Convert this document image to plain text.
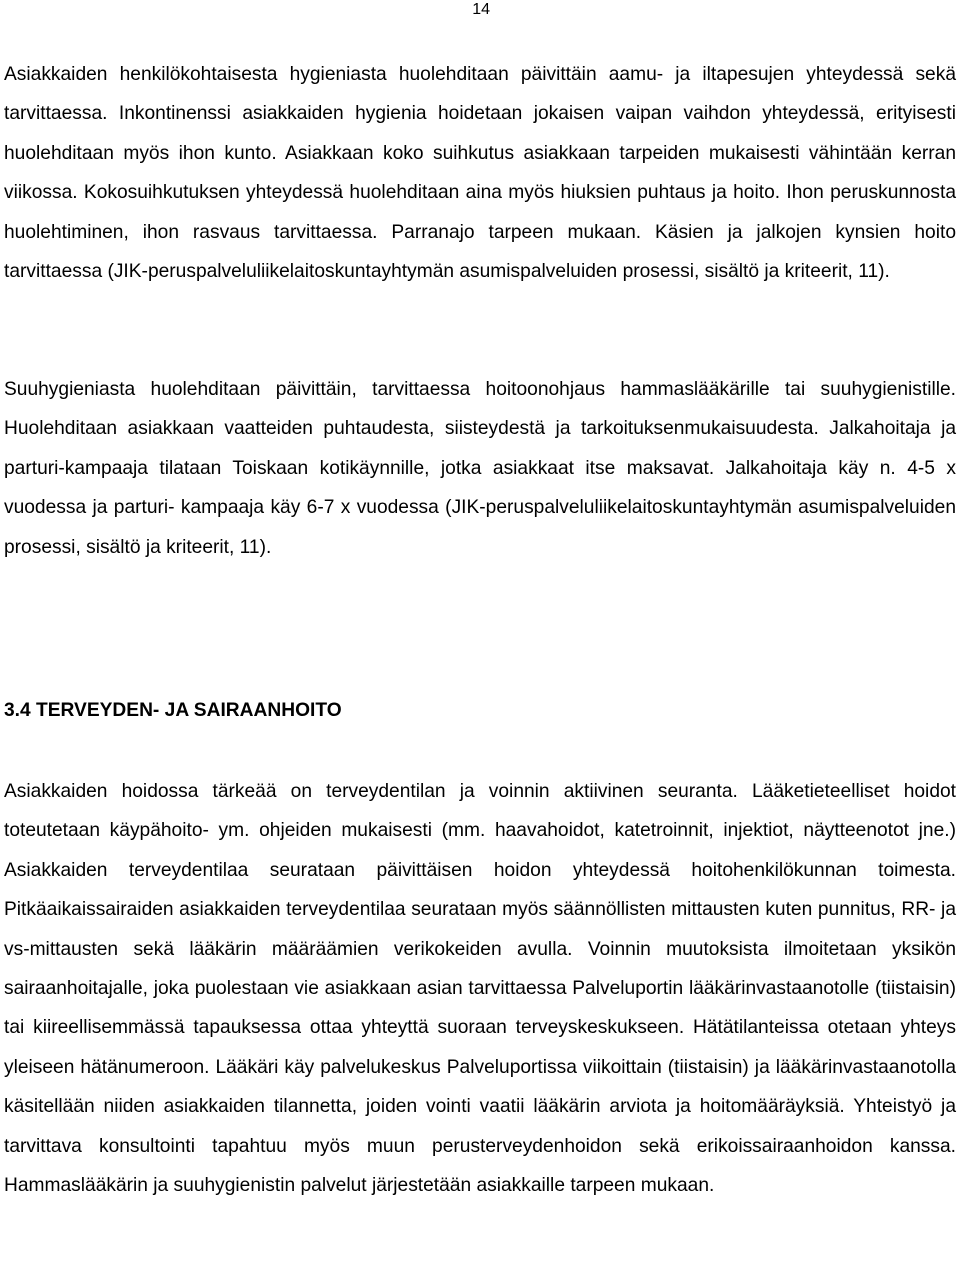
14

Asiakkaiden henkilökohtaisesta hygieniasta huolehditaan päivittäin aamu- ja iltapesujen yhteydessä sekä tarvittaessa. Inkontinenssi asiakkaiden hygienia hoidetaan jokaisen vaipan vaihdon yhteydessä, erityisesti huolehditaan myös ihon kunto. Asiakkaan koko suihkutus asiakkaan tarpeiden mukaisesti vähintään kerran viikossa. Kokosuihkutuksen yhteydessä huolehditaan aina myös hiuksien puhtaus ja hoito. Ihon peruskunnosta huolehtiminen, ihon rasvaus tarvittaessa. Parranajo tarpeen mukaan. Käsien ja jalkojen kynsien hoito tarvittaessa (JIK-peruspalveluliikelaitoskuntayhtymän asumispalveluiden prosessi, sisältö ja kriteerit, 11).

Suuhygieniasta huolehditaan päivittäin, tarvittaessa hoitoonohjaus hammaslääkärille tai suuhygienistille. Huolehditaan asiakkaan vaatteiden puhtaudesta, siisteydestä ja tarkoituksenmukaisuudesta. Jalkahoitaja ja parturi-kampaaja tilataan Toiskaan kotikäynnille, jotka asiakkaat itse maksavat. Jalkahoitaja käy n. 4-5 x vuodessa ja parturi- kampaaja käy 6-7 x vuodessa (JIK-peruspalveluliikelaitoskuntayhtymän asumispalveluiden prosessi, sisältö ja kriteerit, 11).

3.4 TERVEYDEN- JA SAIRAANHOITO

Asiakkaiden hoidossa tärkeää on terveydentilan ja voinnin aktiivinen seuranta. Lääketieteelliset hoidot toteutetaan käypähoito- ym. ohjeiden mukaisesti (mm. haavahoidot, katetroinnit, injektiot, näytteenotot jne.) Asiakkaiden terveydentilaa seurataan päivittäisen hoidon yhteydessä hoitohenkilökunnan toimesta. Pitkäaikaissairaiden asiakkaiden terveydentilaa seurataan myös säännöllisten mittausten kuten punnitus, RR- ja vs-mittausten sekä lääkärin määräämien verikokeiden avulla. Voinnin muutoksista ilmoitetaan yksikön sairaanhoitajalle, joka puolestaan vie asiakkaan asian tarvittaessa Palveluportin lääkärinvastaanotolle (tiistaisin) tai kiireellisemmässä tapauksessa ottaa yhteyttä suoraan terveyskeskukseen. Hätätilanteissa otetaan yhteys yleiseen hätänumeroon. Lääkäri käy palvelukeskus Palveluportissa viikoittain (tiistaisin) ja lääkärinvastaanotolla käsitellään niiden asiakkaiden tilannetta, joiden vointi vaatii lääkärin arviota ja hoitomääräyksiä. Yhteistyö ja tarvittava konsultointi tapahtuu myös muun perusterveydenhoidon sekä erikoissairaanhoidon kanssa. Hammaslääkärin ja suuhygienistin palvelut järjestetään asiakkaille tarpeen mukaan.
